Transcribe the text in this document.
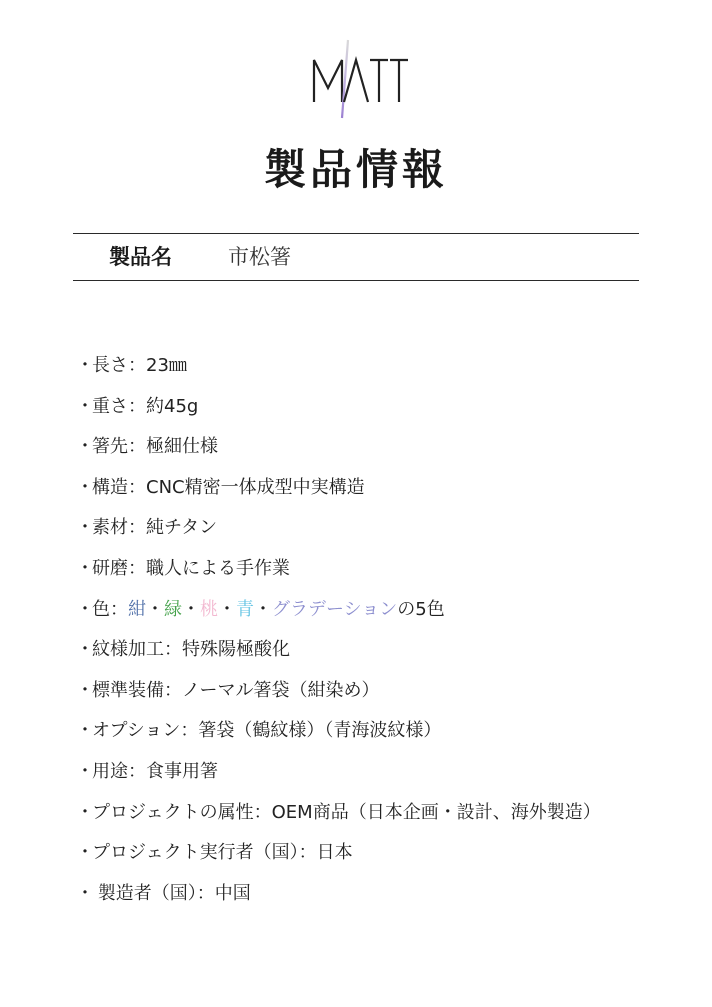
製品情報
製品名	市松箸
・長さ：23㎜
・重さ：約45g
・箸先：極細仕様
・構造：CNC精密一体成型中実構造
・素材：純チタン
・研磨：職人による手作業
・色：紺・緑・桃・青・グラデーションの5色
・紋様加工：特殊陽極酸化
・標準装備：ノーマル箸袋（紺染め）
・オプション：箸袋（鶴紋様）（青海波紋様）
・用途：食事用箸
・プロジェクトの属性：OEM商品（日本企画・設計、海外製造）
・プロジェクト実行者（国）：日本
・ 製造者（国）：中国
